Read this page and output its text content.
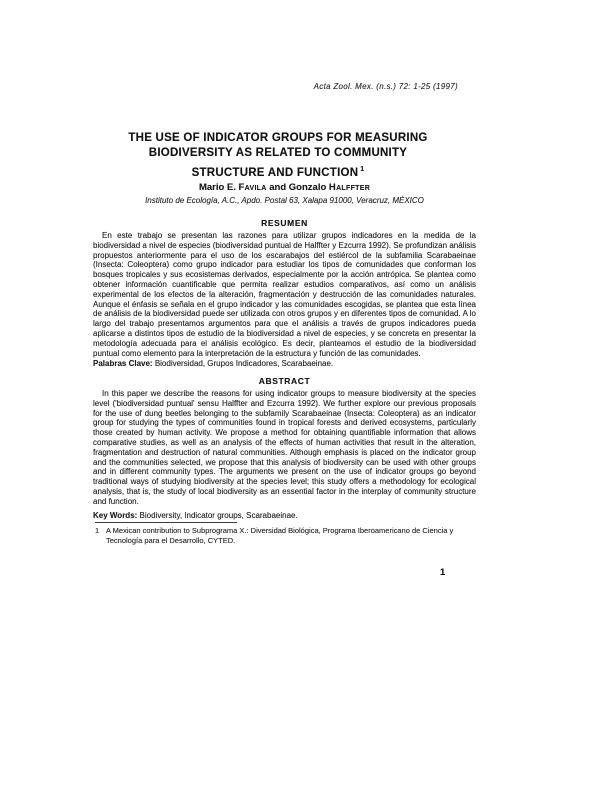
Acta Zool. Mex. (n.s.) 72: 1-25 (1997)
THE USE OF INDICATOR GROUPS FOR MEASURING
BIODIVERSITY AS RELATED TO COMMUNITY
STRUCTURE AND FUNCTION $^1$
Mario E. Favila and Gonzalo Halffter
Instituto de Ecología, A.C., Apdo. Postal 63, Xalapa 91000, Veracruz, MÉXICO
RESUMEN
En este trabajo se presentan las razones para utilizar grupos indicadores en la medida de la biodiversidad a nivel de especies (biodiversidad puntual de Halffter y Ezcurra 1992). Se profundizan análisis propuestos anteriormente para el uso de los escarabajos del estiércol de la subfamilia Scarabaeinae (Insecta: Coleoptera) como grupo indicador para estudiar los tipos de comunidades que conforman los bosques tropicales y sus ecosistemas derivados, especialmente por la acción antrópica. Se plantea como obtener información cuantificable que permita realizar estudios comparativos, así como un análisis experimental de los efectos de la alteración, fragmentación y destrucción de las comunidades naturales. Aunque el énfasis se señala en el grupo indicador y las comunidades escogidas, se plantea que esta línea de análisis de la biodiversidad puede ser utilizada con otros grupos y en diferentes tipos de comunidad. A lo largo del trabajo presentamos argumentos para que el análisis a través de grupos indicadores pueda aplicarse a distintos tipos de estudio de la biodiversidad a nivel de especies, y se concreta en presentar la metodología adecuada para el análisis ecológico. Es decir, planteamos el estudio de la biodiversidad puntual como elemento para la interpretación de la estructura y función de las comunidades.
Palabras Clave: Biodiversidad, Grupos Indicadores, Scarabaeinae.
ABSTRACT
In this paper we describe the reasons for using indicator groups to measure biodiversity at the species level ('biodiversidad puntual' sensu Halffter and Ezcurra 1992). We further explore our previous proposals for the use of dung beetles belonging to the subfamily Scarabaeinae (Insecta: Coleoptera) as an indicator group for studying the types of communities found in tropical forests and derived ecosystems, particularly those created by human activity. We propose a method for obtaining quantifiable information that allows comparative studies, as well as an analysis of the effects of human activities that result in the alteration, fragmentation and destruction of natural communities. Although emphasis is placed on the indicator group and the communities selected, we propose that this analysis of biodiversity can be used with other groups and in different community types. The arguments we present on the use of indicator groups go beyond traditional ways of studying biodiversity at the species level; this study offers a methodology for ecological analysis, that is, the study of local biodiversity as an essential factor in the interplay of community structure and function.
Key Words: Biodiversity, Indicator groups, Scarabaeinae.
1 A Mexican contribution to Subprograma X.: Diversidad Biológica, Programa Iberoamericano de Ciencia y Tecnología para el Desarrollo, CYTED.
1
